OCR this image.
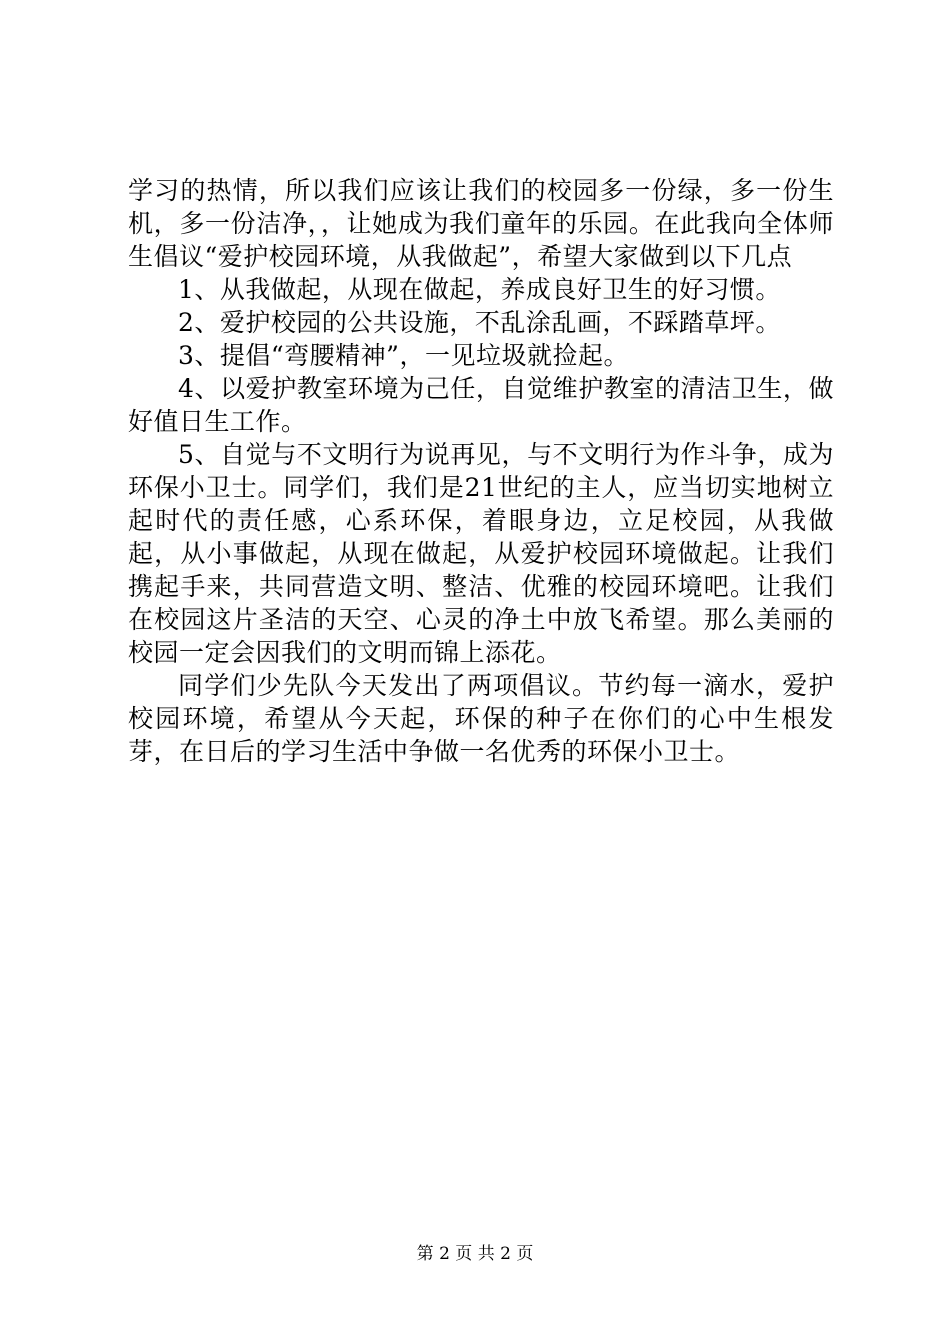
学习的热情，所以我们应该让我们的校园多一份绿，多一份生机，多一份洁净，，让她成为我们童年的乐园。在此我向全体师生倡议“爱护校园环境，从我做起”，希望大家做到以下几点

1、从我做起，从现在做起，养成良好卫生的好习惯。

2、爱护校园的公共设施，不乱涂乱画，不踩踏草坪。

3、提倡“弯腰精神”，一见垃圾就捡起。

4、以爱护教室环境为己任，自觉维护教室的清洁卫生，做好值日生工作。

5、自觉与不文明行为说再见，与不文明行为作斗争，成为环保小卫士。同学们，我们是21世纪的主人，应当切实地树立起时代的责任感，心系环保，着眼身边，立足校园，从我做起，从小事做起，从现在做起，从爱护校园环境做起。让我们携起手来，共同营造文明、整洁、优雅的校园环境吧。让我们在校园这片圣洁的天空、心灵的净土中放飞希望。那么美丽的校园一定会因我们的文明而锦上添花。

同学们少先队今天发出了两项倡议。节约每一滴水，爱护校园环境，希望从今天起，环保的种子在你们的心中生根发芽，在日后的学习生活中争做一名优秀的环保小卫士。

第 2 页 共 2 页
